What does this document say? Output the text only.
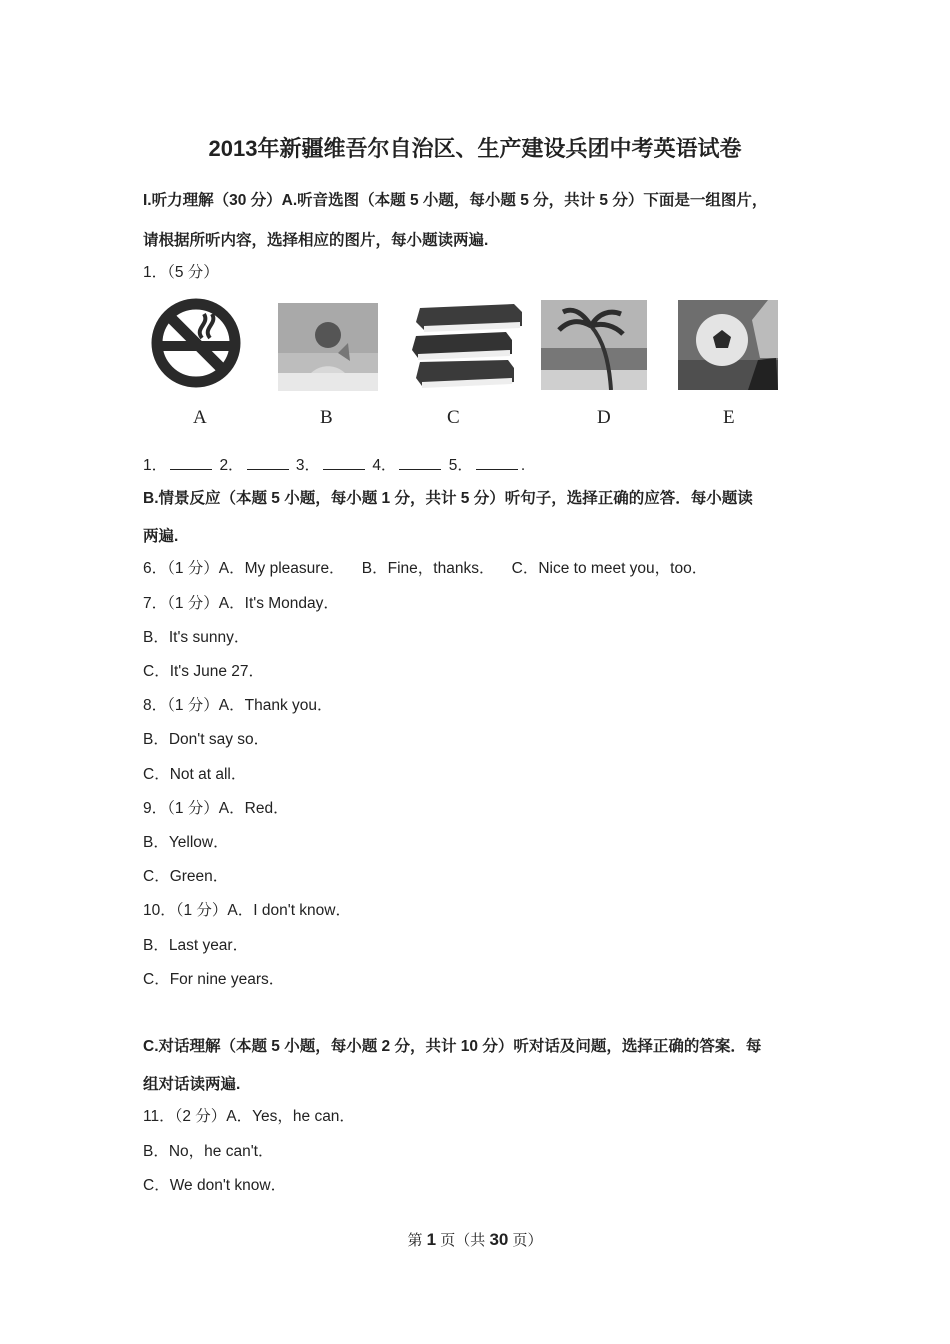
2013年新疆维吾尔自治区、生产建设兵团中考英语试卷
I.听力理解（30 分）A.听音选图（本题 5 小题，每小题 5 分，共计 5 分）下面是一组图片，
请根据所听内容，选择相应的图片，每小题读两遍.
1．（5 分）
A	B	C	D	E
1．	2．	3．	4．	5．	.
B.情景反应（本题 5 小题，每小题 1 分，共计 5 分）听句子，选择正确的应答．每小题读
两遍.
6．（1 分）A．My pleasure．    B．Fine，thanks．    C．Nice to meet you，too．
7．（1 分）A．It's Monday．
B．It's sunny．
C．It's June 27．
8．（1 分）A．Thank you．
B．Don't say so．
C．Not at all．
9．（1 分）A．Red．
B．Yellow．
C．Green．
10．（1 分）A．I don't know．
B．Last year．
C．For nine years．
C.对话理解（本题 5 小题，每小题 2 分，共计 10 分）听对话及问题，选择正确的答案．每
组对话读两遍.
11．（2 分）A．Yes，he can．
B．No，he can't．
C．We don't know．
第 1 页（共 30 页）
